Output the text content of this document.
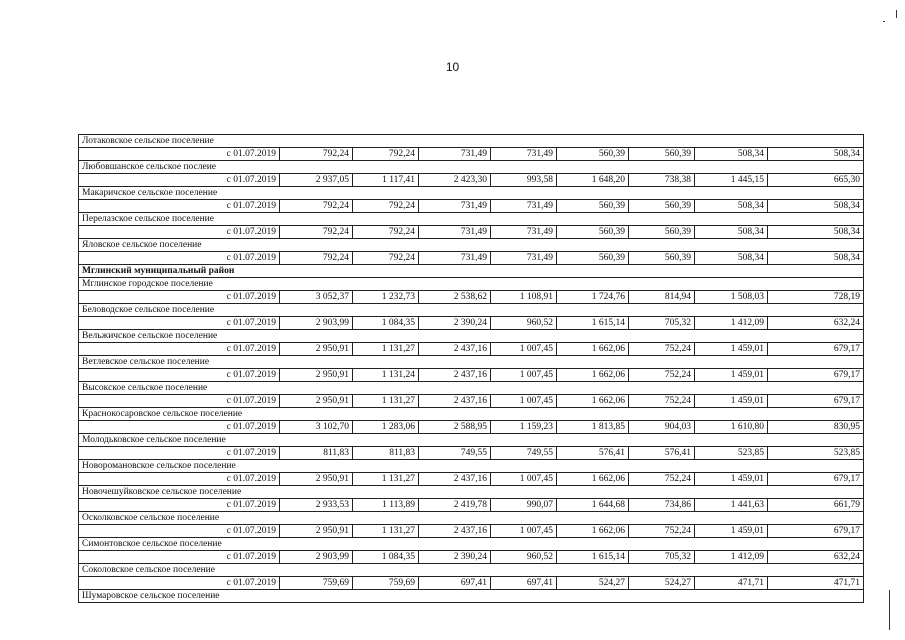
10
Лотаковское сельское поселение								
с 01.07.2019	792,24	792,24	731,49	731,49	560,39	560,39	508,34	508,34
Любовшанское сельское послеие								
с 01.07.2019	2 937,05	1 117,41	2 423,30	993,58	1 648,20	738,38	1 445,15	665,30
Макаричское сельское поселение								
с 01.07.2019	792,24	792,24	731,49	731,49	560,39	560,39	508,34	508,34
Перелазское сельское поселение								
с 01.07.2019	792,24	792,24	731,49	731,49	560,39	560,39	508,34	508,34
Яловское сельское поселение								
с 01.07.2019	792,24	792,24	731,49	731,49	560,39	560,39	508,34	508,34
Мглинский муниципальный район								
Мглинское городское поселение								
с 01.07.2019	3 052,37	1 232,73	2 538,62	1 108,91	1 724,76	814,94	1 508,03	728,19
Беловодское сельское поселение								
с 01.07.2019	2 903,99	1 084,35	2 390,24	960,52	1 615,14	705,32	1 412,09	632,24
Вельжичское сельское поселение								
с 01.07.2019	2 950,91	1 131,27	2 437,16	1 007,45	1 662,06	752,24	1 459,01	679,17
Ветлевское сельское поселение								
с 01.07.2019	2 950,91	1 131,24	2 437,16	1 007,45	1 662,06	752,24	1 459,01	679,17
Высокское сельское поселение								
с 01.07.2019	2 950,91	1 131,27	2 437,16	1 007,45	1 662,06	752,24	1 459,01	679,17
Краснокосаровское сельское поселение								
с 01.07.2019	3 102,70	1 283,06	2 588,95	1 159,23	1 813,85	904,03	1 610,80	830,95
Молодьковское сельское поселение								
с 01.07.2019	811,83	811,83	749,55	749,55	576,41	576,41	523,85	523,85
Новоромановское сельское поселение								
с 01.07.2019	2 950,91	1 131,27	2 437,16	1 007,45	1 662,06	752,24	1 459,01	679,17
Новочешуйковское сельское поселение								
с 01.07.2019	2 933,53	1 113,89	2 419,78	990,07	1 644,68	734,86	1 441,63	661,79
Осколковское сельское поселение								
с 01.07.2019	2 950,91	1 131,27	2 437,16	1 007,45	1 662,06	752,24	1 459,01	679,17
Симонтовское сельское поселение								
с 01.07.2019	2 903,99	1 084,35	2 390,24	960,52	1 615,14	705,32	1 412,09	632,24
Соколовское сельское поселение								
с 01.07.2019	759,69	759,69	697,41	697,41	524,27	524,27	471,71	471,71
Шумаровское сельское поселение								
